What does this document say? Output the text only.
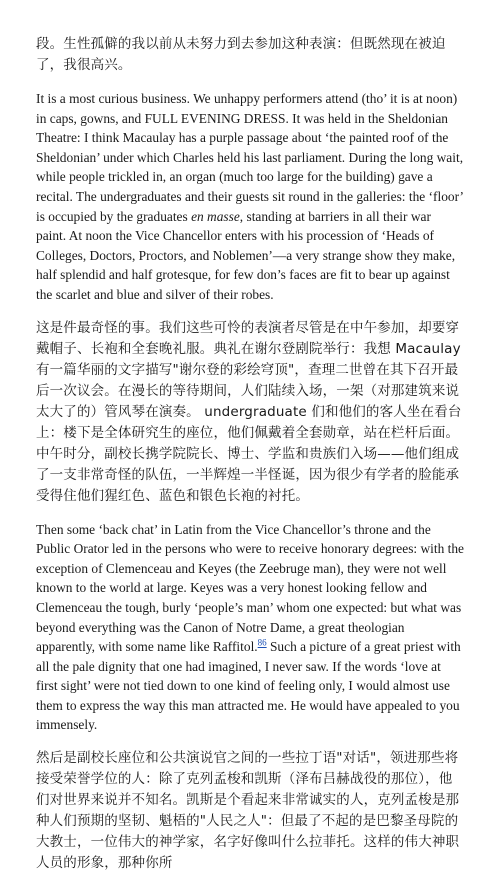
段。生性孤僻的我以前从未努力到去参加这种表演：但既然现在被迫了，我很高兴。

It is a most curious business. We unhappy performers attend (tho’ it is at noon) in caps, gowns, and FULL EVENING DRESS. It was held in the Sheldonian Theatre: I think Macaulay has a purple passage about ‘the painted roof of the Sheldonian’ under which Charles held his last parliament. During the long wait, while people trickled in, an organ (much too large for the building) gave a recital. The undergraduates and their guests sit round in the galleries: the ‘floor’ is occupied by the graduates en masse, standing at barriers in all their war paint. At noon the Vice Chancellor enters with his procession of ‘Heads of Colleges, Doctors, Proctors, and Noblemen’—a very strange show they make, half splendid and half grotesque, for few don’s faces are fit to bear up against the scarlet and blue and silver of their robes.

这是件最奇怪的事。我们这些可怜的表演者尽管是在中午参加，却要穿戴帽子、长袍和全套晚礼服。典礼在谢尔登剧院举行：我想 Macaulay 有一篇华丽的文字描写"谢尔登的彩绘穹顶"，查理二世曾在其下召开最后一次议会。在漫长的等待期间，人们陆续入场，一架（对那建筑来说太大了的）管风琴在演奏。 undergraduate 们和他们的客人坐在看台上：楼下是全体研究生的座位，他们佩戴着全套勋章，站在栏杆后面。中午时分，副校长携学院院长、博士、学监和贵族们入场——他们组成了一支非常奇怪的队伍，一半辉煌一半怪诞，因为很少有学者的脸能承受得住他们猩红色、蓝色和银色长袍的衬托。

Then some ‘back chat’ in Latin from the Vice Chancellor’s throne and the Public Orator led in the persons who were to receive honorary degrees: with the exception of Clemenceau and Keyes (the Zeebruge man), they were not well known to the world at large. Keyes was a very honest looking fellow and Clemenceau the tough, burly ‘people’s man’ whom one expected: but what was beyond everything was the Canon of Notre Dame, a great theologian apparently, with some name like Raffitol.$^{86}$ Such a picture of a great priest with all the pale dignity that one had imagined, I never saw. If the words ‘love at first sight’ were not tied down to one kind of feeling only, I would almost use them to express the way this man attracted me. He would have appealed to you immensely.

然后是副校长座位和公共演说官之间的一些拉丁语"对话"，领进那些将接受荣誉学位的人：除了克列孟梭和凯斯（泽布吕赫战役的那位），他们对世界来说并不知名。凯斯是个看起来非常诚实的人，克列孟梭是那种人们预期的坚韧、魁梧的"人民之人"：但最了不起的是巴黎圣母院的大教士，一位伟大的神学家，名字好像叫什么拉菲托。这样的伟大神职人员的形象，那种你所
